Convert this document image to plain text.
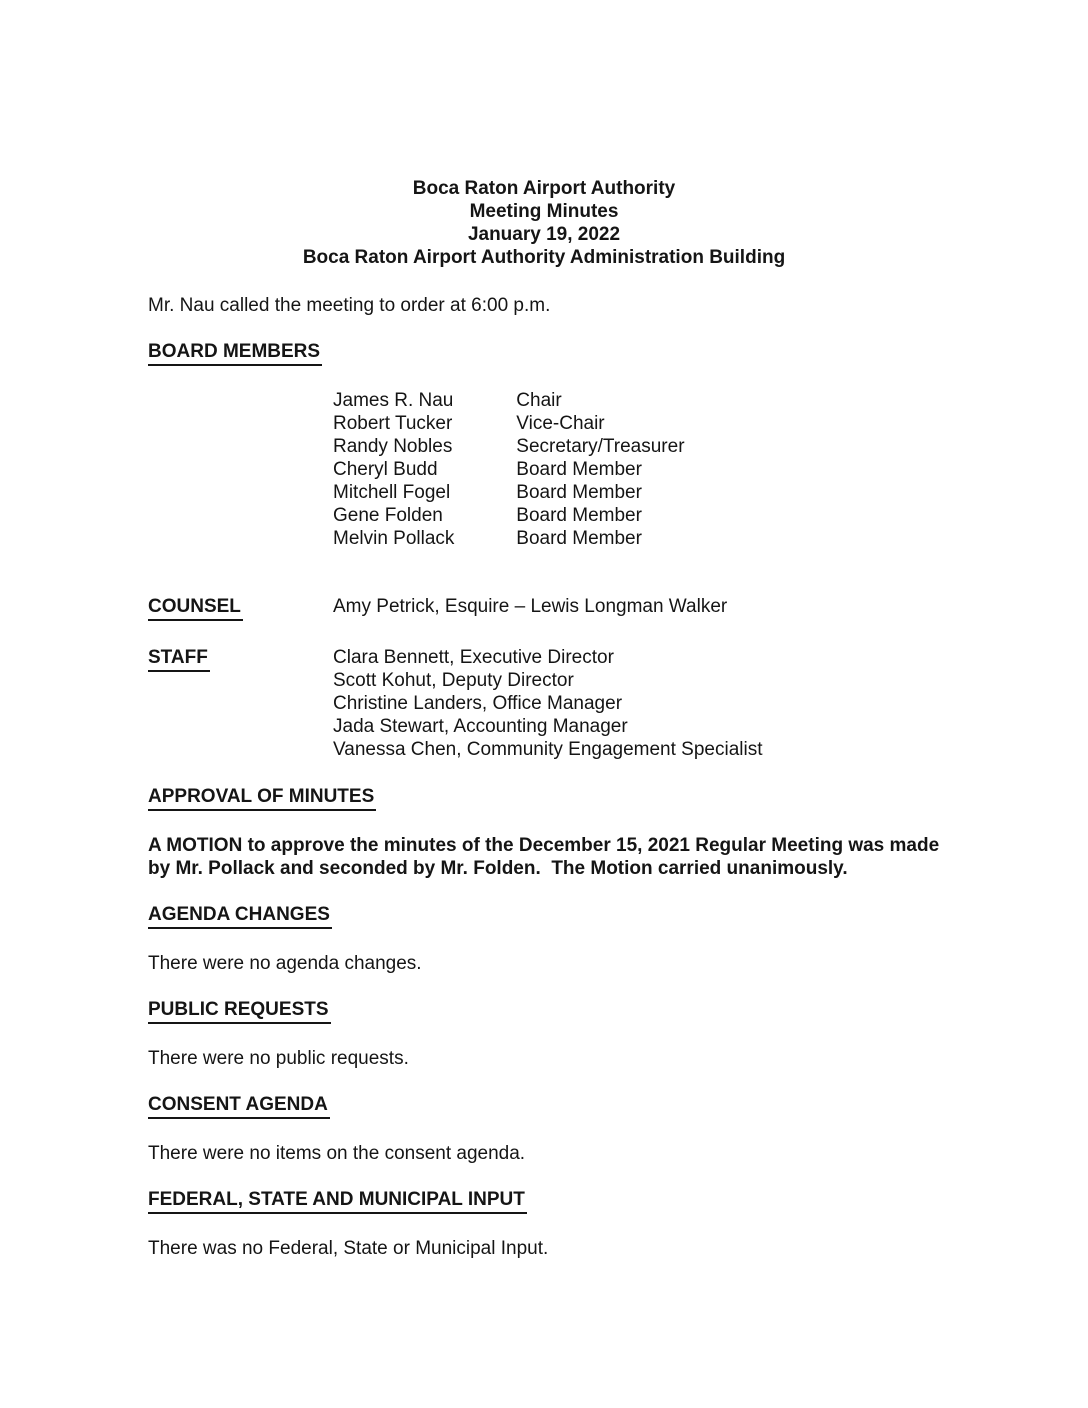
Boca Raton Airport Authority
Meeting Minutes
January 19, 2022
Boca Raton Airport Authority Administration Building

Mr. Nau called the meeting to order at 6:00 p.m.

BOARD MEMBERS
James R. Nau	Chair
Robert Tucker	Vice-Chair
Randy Nobles	Secretary/Treasurer
Cheryl Budd	Board Member
Mitchell Fogel	Board Member
Gene Folden	Board Member
Melvin Pollack	Board Member
COUNSEL	Amy Petrick, Esquire – Lewis Longman Walker
STAFF	Clara Bennett, Executive Director
Scott Kohut, Deputy Director
Christine Landers, Office Manager
Jada Stewart, Accounting Manager
Vanessa Chen, Community Engagement Specialist
APPROVAL OF MINUTES

A MOTION to approve the minutes of the December 15, 2021 Regular Meeting was made by Mr. Pollack and seconded by Mr. Folden.  The Motion carried unanimously.

AGENDA CHANGES

There were no agenda changes.

PUBLIC REQUESTS

There were no public requests.

CONSENT AGENDA

There were no items on the consent agenda.

FEDERAL, STATE AND MUNICIPAL INPUT

There was no Federal, State or Municipal Input.
